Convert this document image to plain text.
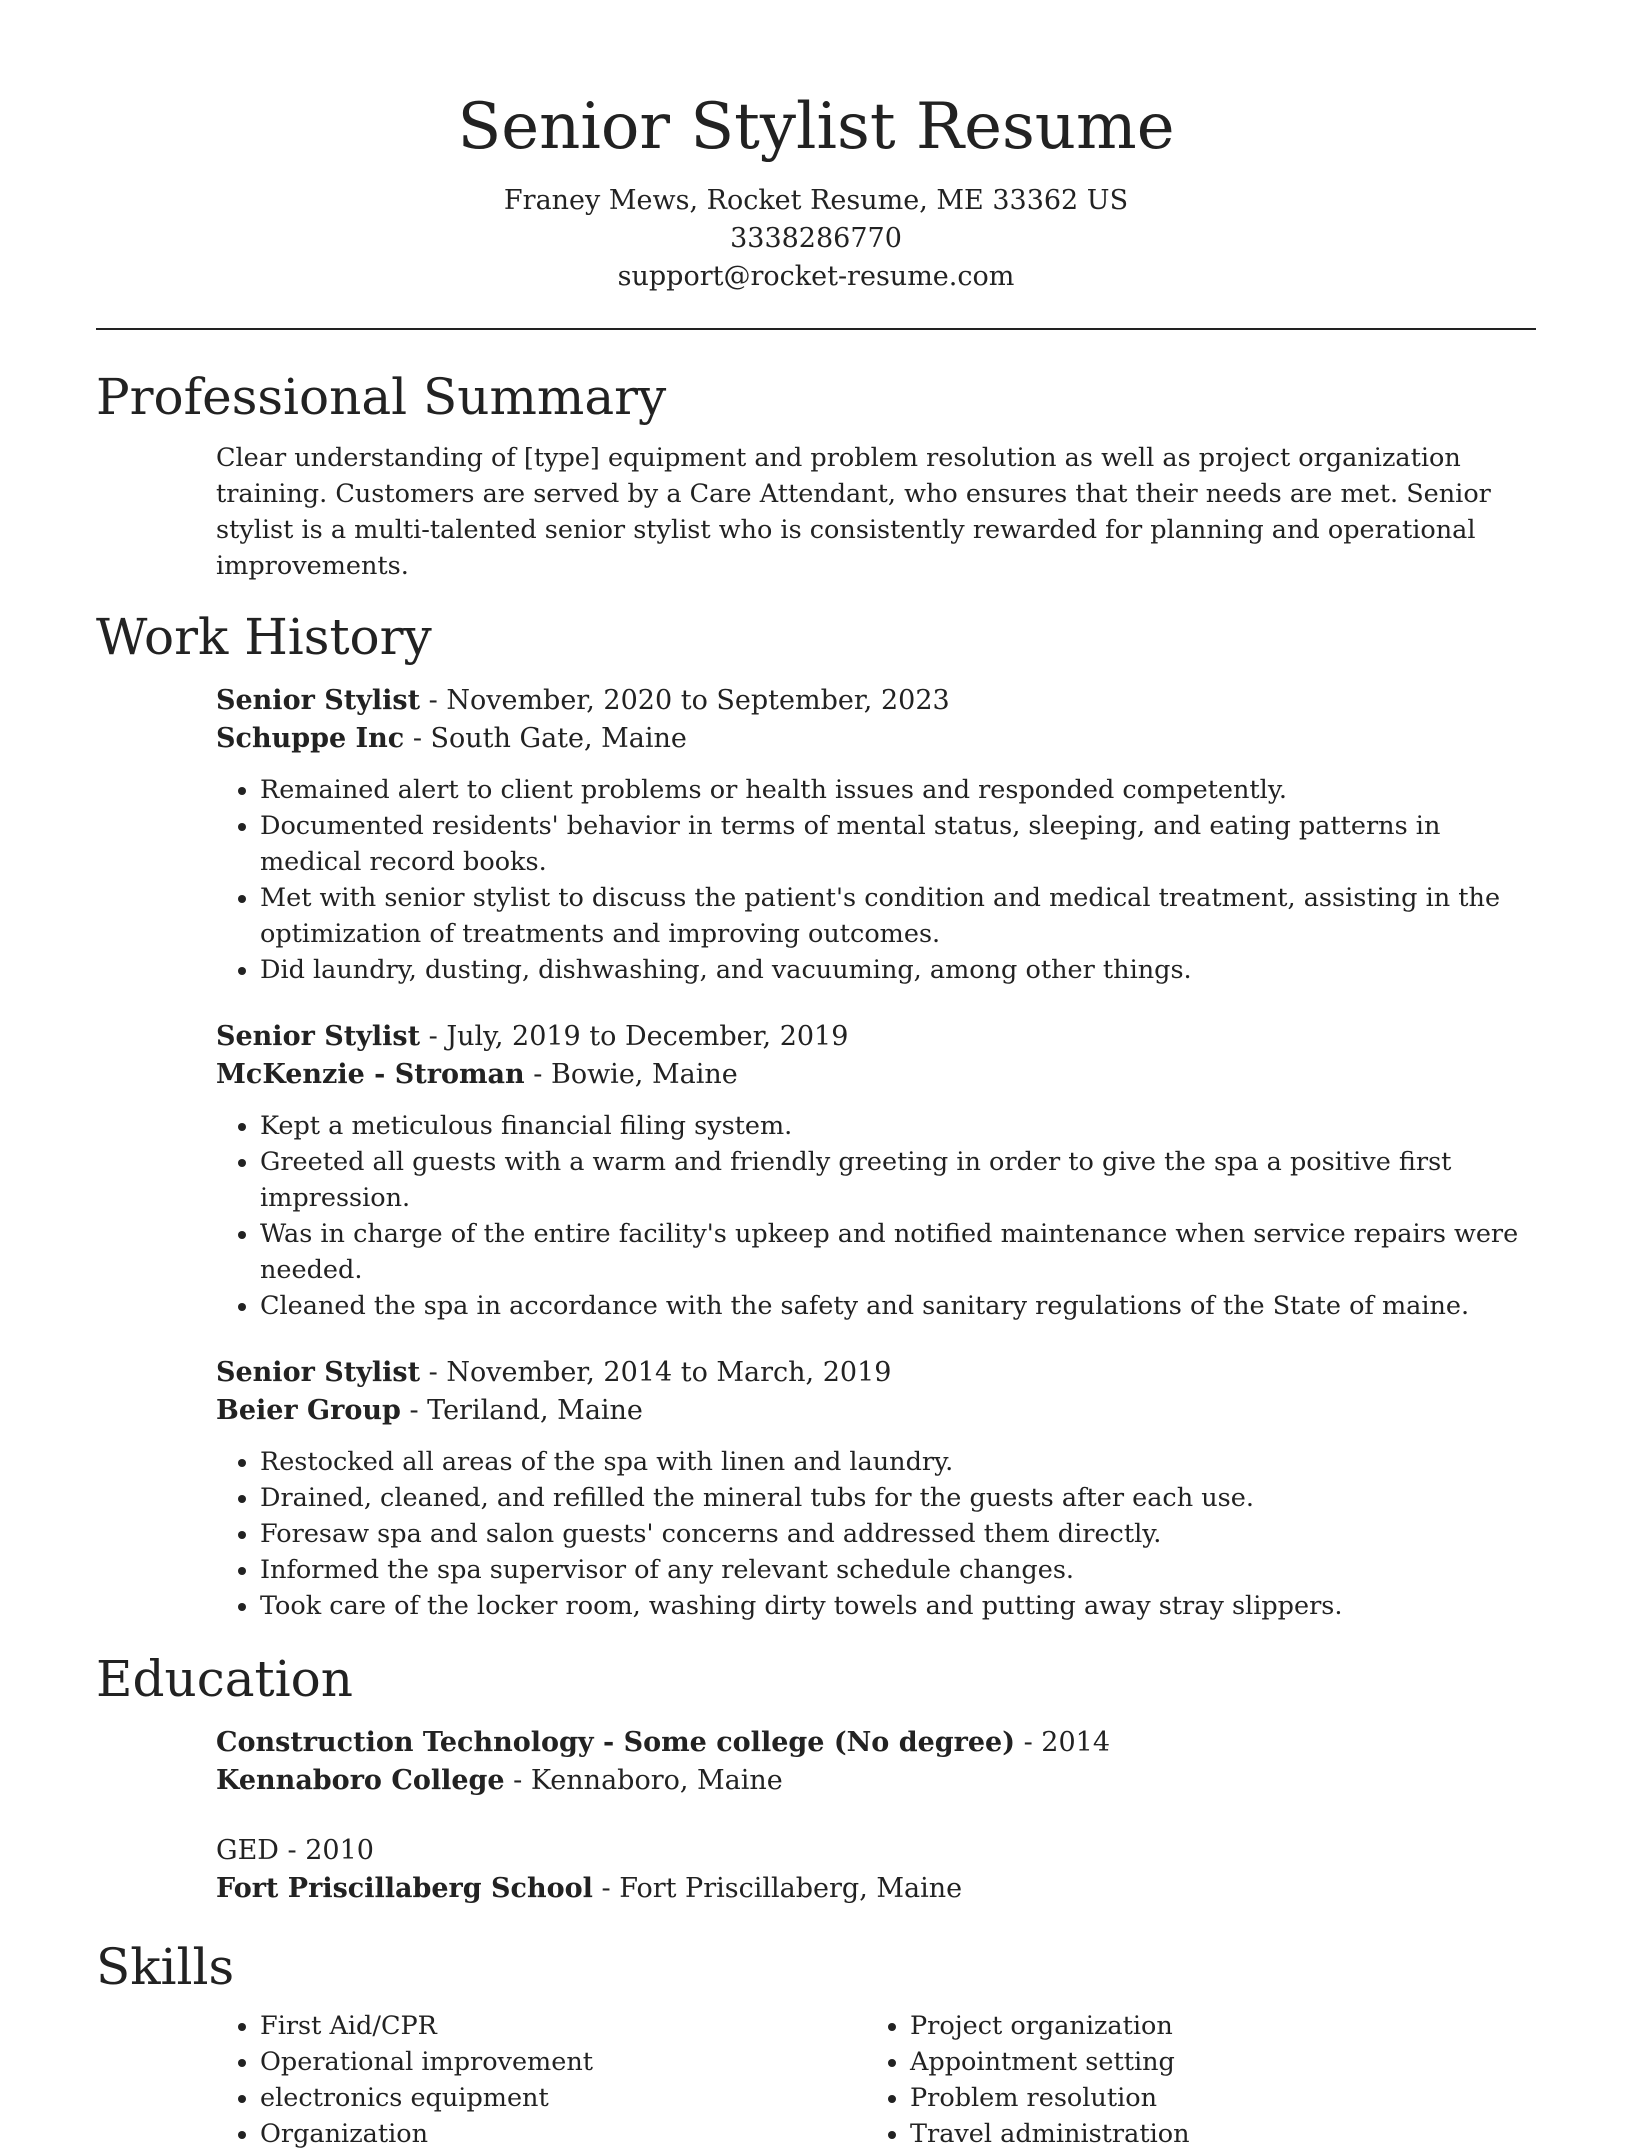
Senior Stylist Resume
Franey Mews, Rocket Resume, ME 33362 US
3338286770
support@rocket-resume.com
Professional Summary
Clear understanding of [type] equipment and problem resolution as well as project organization training. Customers are served by a Care Attendant, who ensures that their needs are met. Senior stylist is a multi-talented senior stylist who is consistently rewarded for planning and operational improvements.
Work History
Senior Stylist - November, 2020 to September, 2023
Schuppe Inc - South Gate, Maine
• Remained alert to client problems or health issues and responded competently.
• Documented residents' behavior in terms of mental status, sleeping, and eating patterns in medical record books.
• Met with senior stylist to discuss the patient's condition and medical treatment, assisting in the optimization of treatments and improving outcomes.
• Did laundry, dusting, dishwashing, and vacuuming, among other things.
Senior Stylist - July, 2019 to December, 2019
McKenzie - Stroman - Bowie, Maine
• Kept a meticulous financial filing system.
• Greeted all guests with a warm and friendly greeting in order to give the spa a positive first impression.
• Was in charge of the entire facility's upkeep and notified maintenance when service repairs were needed.
• Cleaned the spa in accordance with the safety and sanitary regulations of the State of maine.
Senior Stylist - November, 2014 to March, 2019
Beier Group - Teriland, Maine
• Restocked all areas of the spa with linen and laundry.
• Drained, cleaned, and refilled the mineral tubs for the guests after each use.
• Foresaw spa and salon guests' concerns and addressed them directly.
• Informed the spa supervisor of any relevant schedule changes.
• Took care of the locker room, washing dirty towels and putting away stray slippers.
Education
Construction Technology - Some college (No degree) - 2014
Kennaboro College - Kennaboro, Maine
GED - 2010
Fort Priscillaberg School - Fort Priscillaberg, Maine
Skills
• First Aid/CPR
• Operational improvement
• electronics equipment
• Organization
• Project organization
• Appointment setting
• Problem resolution
• Travel administration
